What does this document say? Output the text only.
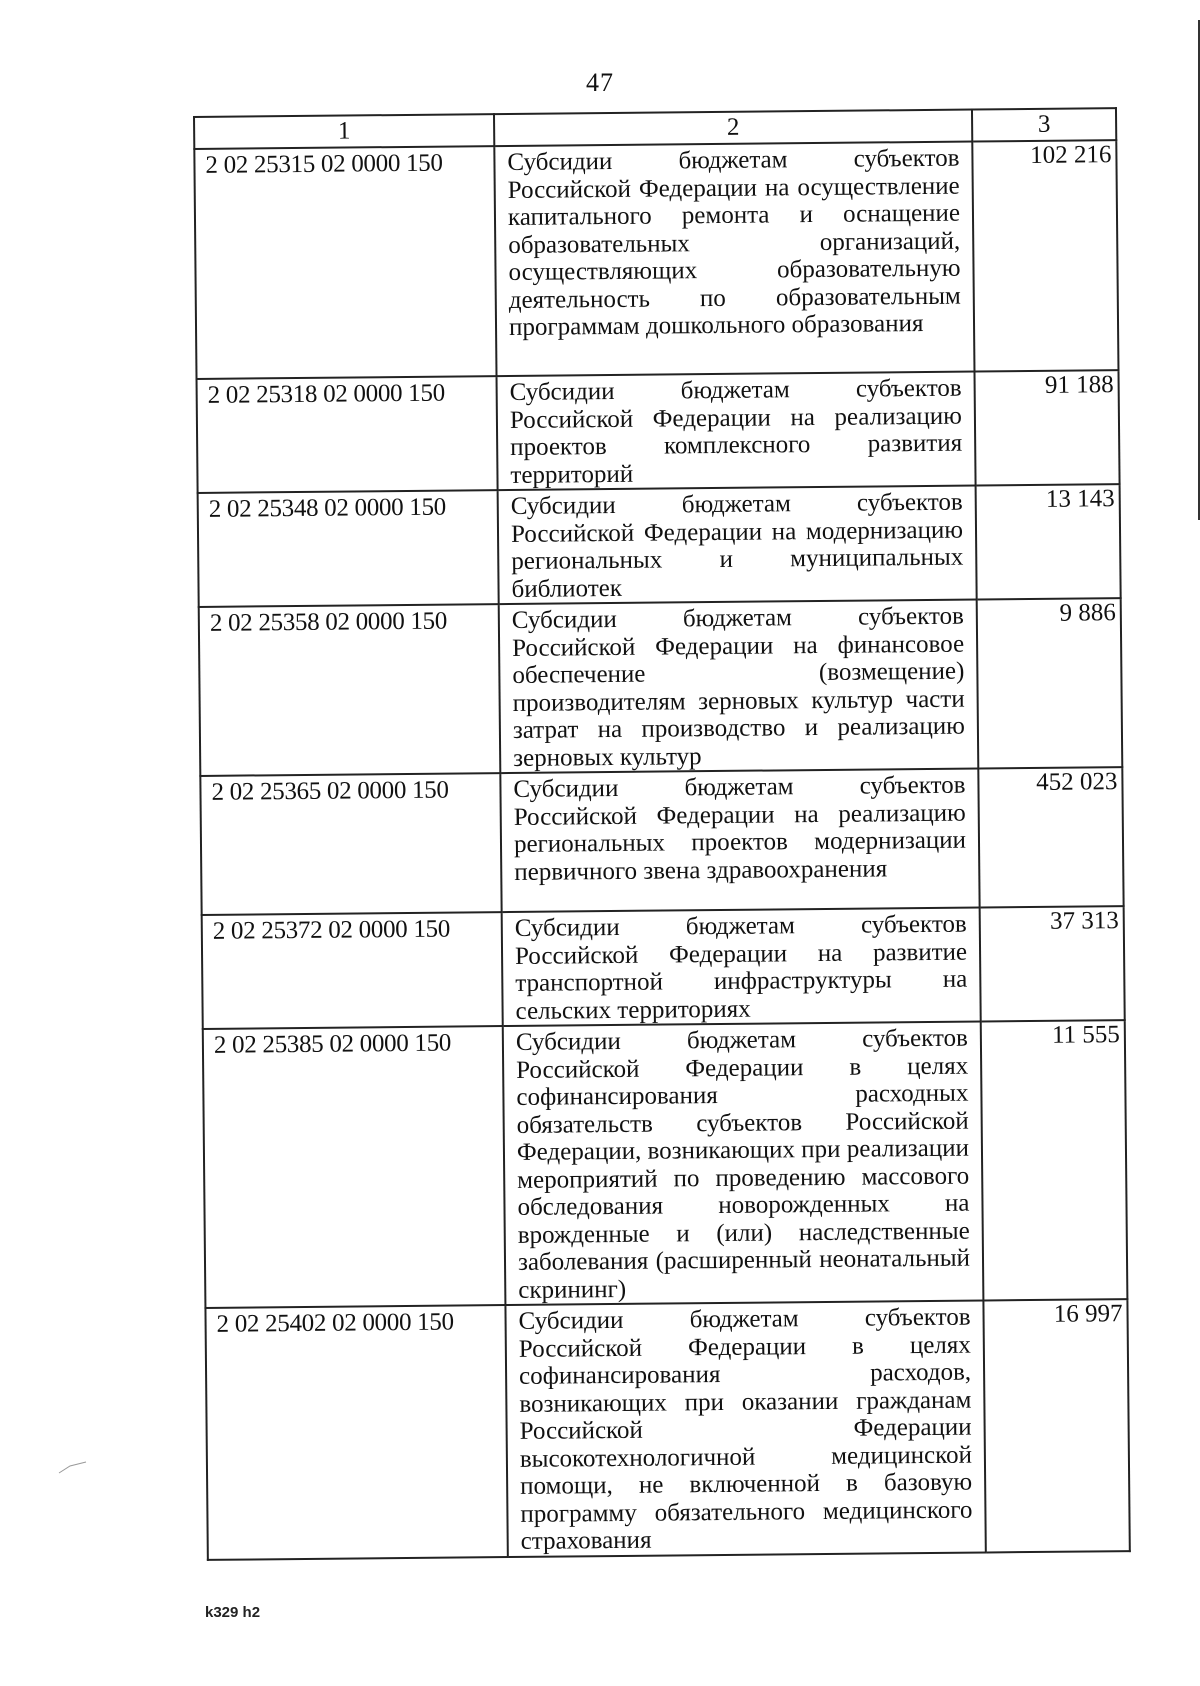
47
1	2	3
2 02 25315 02 0000 150	Субсидии бюджетам субъектов Российской Федерации на осуществление капитального ремонта и оснащение образовательных организаций, осуществляющих образовательную деятельность по образовательным программам дошкольного образования	102 216
2 02 25318 02 0000 150	Субсидии бюджетам субъектов Российской Федерации на реализацию проектов комплексного развития территорий	91 188
2 02 25348 02 0000 150	Субсидии бюджетам субъектов Российской Федерации на модернизацию региональных и муниципальных библиотек	13 143
2 02 25358 02 0000 150	Субсидии бюджетам субъектов Российской Федерации на финансовое обеспечение (возмещение) производителям зерновых культур части затрат на производство и реализацию зерновых культур	9 886
2 02 25365 02 0000 150	Субсидии бюджетам субъектов Российской Федерации на реализацию региональных проектов модернизации первичного звена здравоохранения	452 023
2 02 25372 02 0000 150	Субсидии бюджетам субъектов Российской Федерации на развитие транспортной инфраструктуры на сельских территориях	37 313
2 02 25385 02 0000 150	Субсидии бюджетам субъектов Российской Федерации в целях софинансирования расходных обязательств субъектов Российской Федерации, возникающих при реализации мероприятий по проведению массового обследования новорожденных на врожденные и (или) наследственные заболевания (расширенный неонатальный скрининг)	11 555
2 02 25402 02 0000 150	Субсидии бюджетам субъектов Российской Федерации в целях софинансирования расходов, возникающих при оказании гражданам Российской Федерации высокотехнологичной медицинской помощи, не включенной в базовую программу обязательного медицинского страхования	16 997
k329 h2
